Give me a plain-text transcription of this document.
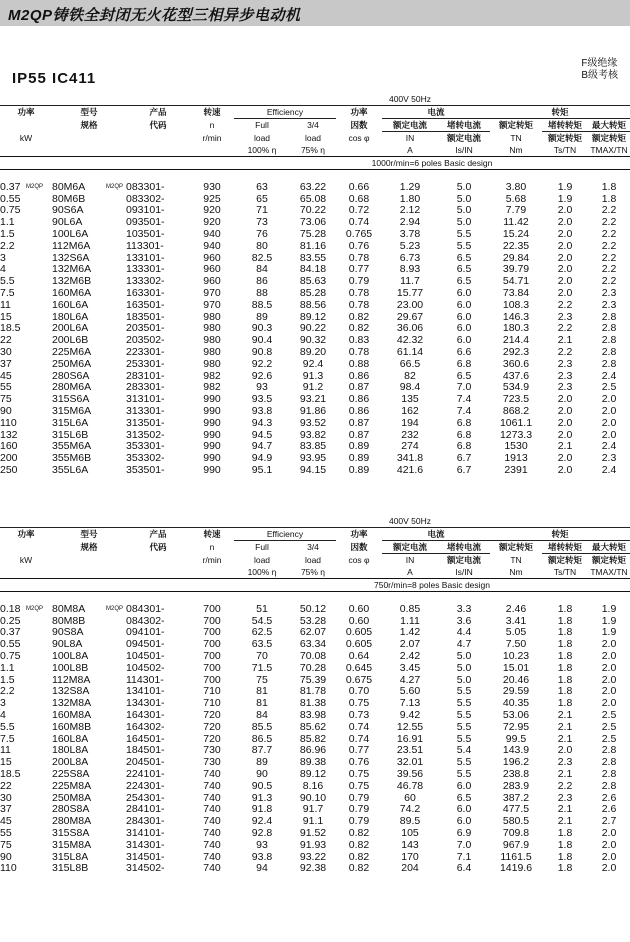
M2QP铸铁全封闭无火花型三相异步电动机
IP55 IC411
F级绝缘
B级考核
					400V 50Hz								
功率		型号		产品	转速	Efficiency		功率	电流		转矩		
		规格		代码	n	Full	3/4	因数	额定电流	堵转电流	额定转矩	堵转转矩	最大转矩
kW					r/min	load	load	cos φ	IN	额定电流	TN	额定转矩	额定转矩
						100% η	75% η		A	Is/IN	Nm	Ts/TN	TMAX/TN
						1000r/min=6 poles Basic design							

0.37	M2QP	80M6A	M2QP	083301-	930	63	63.22	0.66	1.29	5.0	3.80	1.9	1.8
0.55		80M6B		083302-	925	65	65.08	0.68	1.80	5.0	5.68	1.9	1.8
0.75		90S6A		093101-	920	71	70.22	0.72	2.12	5.0	7.79	2.0	2.2
1.1		90L6A		093501-	920	73	73.06	0.74	2.94	5.0	11.42	2.0	2.2
1.5		100L6A		103501-	940	76	75.28	0.765	3.78	5.5	15.24	2.0	2.2
2.2		112M6A		113301-	940	80	81.16	0.76	5.23	5.5	22.35	2.0	2.2
3		132S6A		133101-	960	82.5	83.55	0.78	6.73	6.5	29.84	2.0	2.2
4		132M6A		133301-	960	84	84.18	0.77	8.93	6.5	39.79	2.0	2.2
5.5		132M6B		133302-	960	86	85.63	0.79	11.7	6.5	54.71	2.0	2.2
7.5		160M6A		163301-	970	88	85.28	0.78	15.77	6.0	73.84	2.0	2.3
11		160L6A		163501-	970	88.5	88.56	0.78	23.00	6.0	108.3	2.2	2.3
15		180L6A		183501-	980	89	89.12	0.82	29.67	6.0	146.3	2.3	2.8
18.5		200L6A		203501-	980	90.3	90.22	0.82	36.06	6.0	180.3	2.2	2.8
22		200L6B		203502-	980	90.4	90.32	0.83	42.32	6.0	214.4	2.1	2.8
30		225M6A		223301-	980	90.8	89.20	0.78	61.14	6.6	292.3	2.2	2.8
37		250M6A		253301-	980	92.2	92.4	0.88	66.5	6.8	360.6	2.3	2.8
45		280S6A		283101-	982	92.6	91.3	0.86	82	6.5	437.6	2.3	2.4
55		280M6A		283301-	982	93	91.2	0.87	98.4	7.0	534.9	2.3	2.5
75		315S6A		313101-	990	93.5	93.21	0.86	135	7.4	723.5	2.0	2.0
90		315M6A		313301-	990	93.8	91.86	0.86	162	7.4	868.2	2.0	2.0
110		315L6A		313501-	990	94.3	93.52	0.87	194	6.8	1061.1	2.0	2.0
132		315L6B		313502-	990	94.5	93.82	0.87	232	6.8	1273.3	2.0	2.0
160		355M6A		353301-	990	94.7	83.85	0.89	274	6.8	1530	2.1	2.4
200		355M6B		353302-	990	94.9	93.95	0.89	341.8	6.7	1913	2.0	2.3
250		355L6A		353501-	990	95.1	94.15	0.89	421.6	6.7	2391	2.0	2.4
					400V 50Hz								
功率		型号		产品	转速	Efficiency		功率	电流		转矩		
		规格		代码	n	Full	3/4	因数	额定电流	堵转电流	额定转矩	堵转转矩	最大转矩
kW					r/min	load	load	cos φ	IN	额定电流	TN	额定转矩	额定转矩
						100% η	75% η		A	Is/IN	Nm	Ts/TN	TMAX/TN
						750r/min=8 poles Basic design							

0.18	M2QP	80M8A	M2QP	084301-	700	51	50.12	0.60	0.85	3.3	2.46	1.8	1.9
0.25		80M8B		084302-	700	54.5	53.28	0.60	1.11	3.6	3.41	1.8	1.9
0.37		90S8A		094101-	700	62.5	62.07	0.605	1.42	4.4	5.05	1.8	1.9
0.55		90L8A		094501-	700	63.5	63.34	0.605	2.07	4.7	7.50	1.8	2.0
0.75		100L8A		104501-	700	70	70.08	0.64	2.42	5.0	10.23	1.8	2.0
1.1		100L8B		104502-	700	71.5	70.28	0.645	3.45	5.0	15.01	1.8	2.0
1.5		112M8A		114301-	700	75	75.39	0.675	4.27	5.0	20.46	1.8	2.0
2.2		132S8A		134101-	710	81	81.78	0.70	5.60	5.5	29.59	1.8	2.0
3		132M8A		134301-	710	81	81.38	0.75	7.13	5.5	40.35	1.8	2.0
4		160M8A		164301-	720	84	83.98	0.73	9.42	5.5	53.06	2.1	2.5
5.5		160M8B		164302-	720	85.5	85.62	0.74	12.55	5.5	72.95	2.1	2.5
7.5		160L8A		164501-	720	86.5	85.82	0.74	16.91	5.5	99.5	2.1	2.5
11		180L8A		184501-	730	87.7	86.96	0.77	23.51	5.4	143.9	2.0	2.8
15		200L8A		204501-	730	89	89.38	0.76	32.01	5.5	196.2	2.3	2.8
18.5		225S8A		224101-	740	90	89.12	0.75	39.56	5.5	238.8	2.1	2.8
22		225M8A		224301-	740	90.5	8.16	0.75	46.78	6.0	283.9	2.2	2.8
30		250M8A		254301-	740	91.3	90.10	0.79	60	6.5	387.2	2.3	2.6
37		280S8A		284101-	740	91.8	91.7	0.79	74.2	6.0	477.5	2.1	2.6
45		280M8A		284301-	740	92.4	91.1	0.79	89.5	6.0	580.5	2.1	2.7
55		315S8A		314101-	740	92.8	91.52	0.82	105	6.9	709.8	1.8	2.0
75		315M8A		314301-	740	93	91.93	0.82	143	7.0	967.9	1.8	2.0
90		315L8A		314501-	740	93.8	93.22	0.82	170	7.1	1161.5	1.8	2.0
110		315L8B		314502-	740	94	92.38	0.82	204	6.4	1419.6	1.8	2.0
